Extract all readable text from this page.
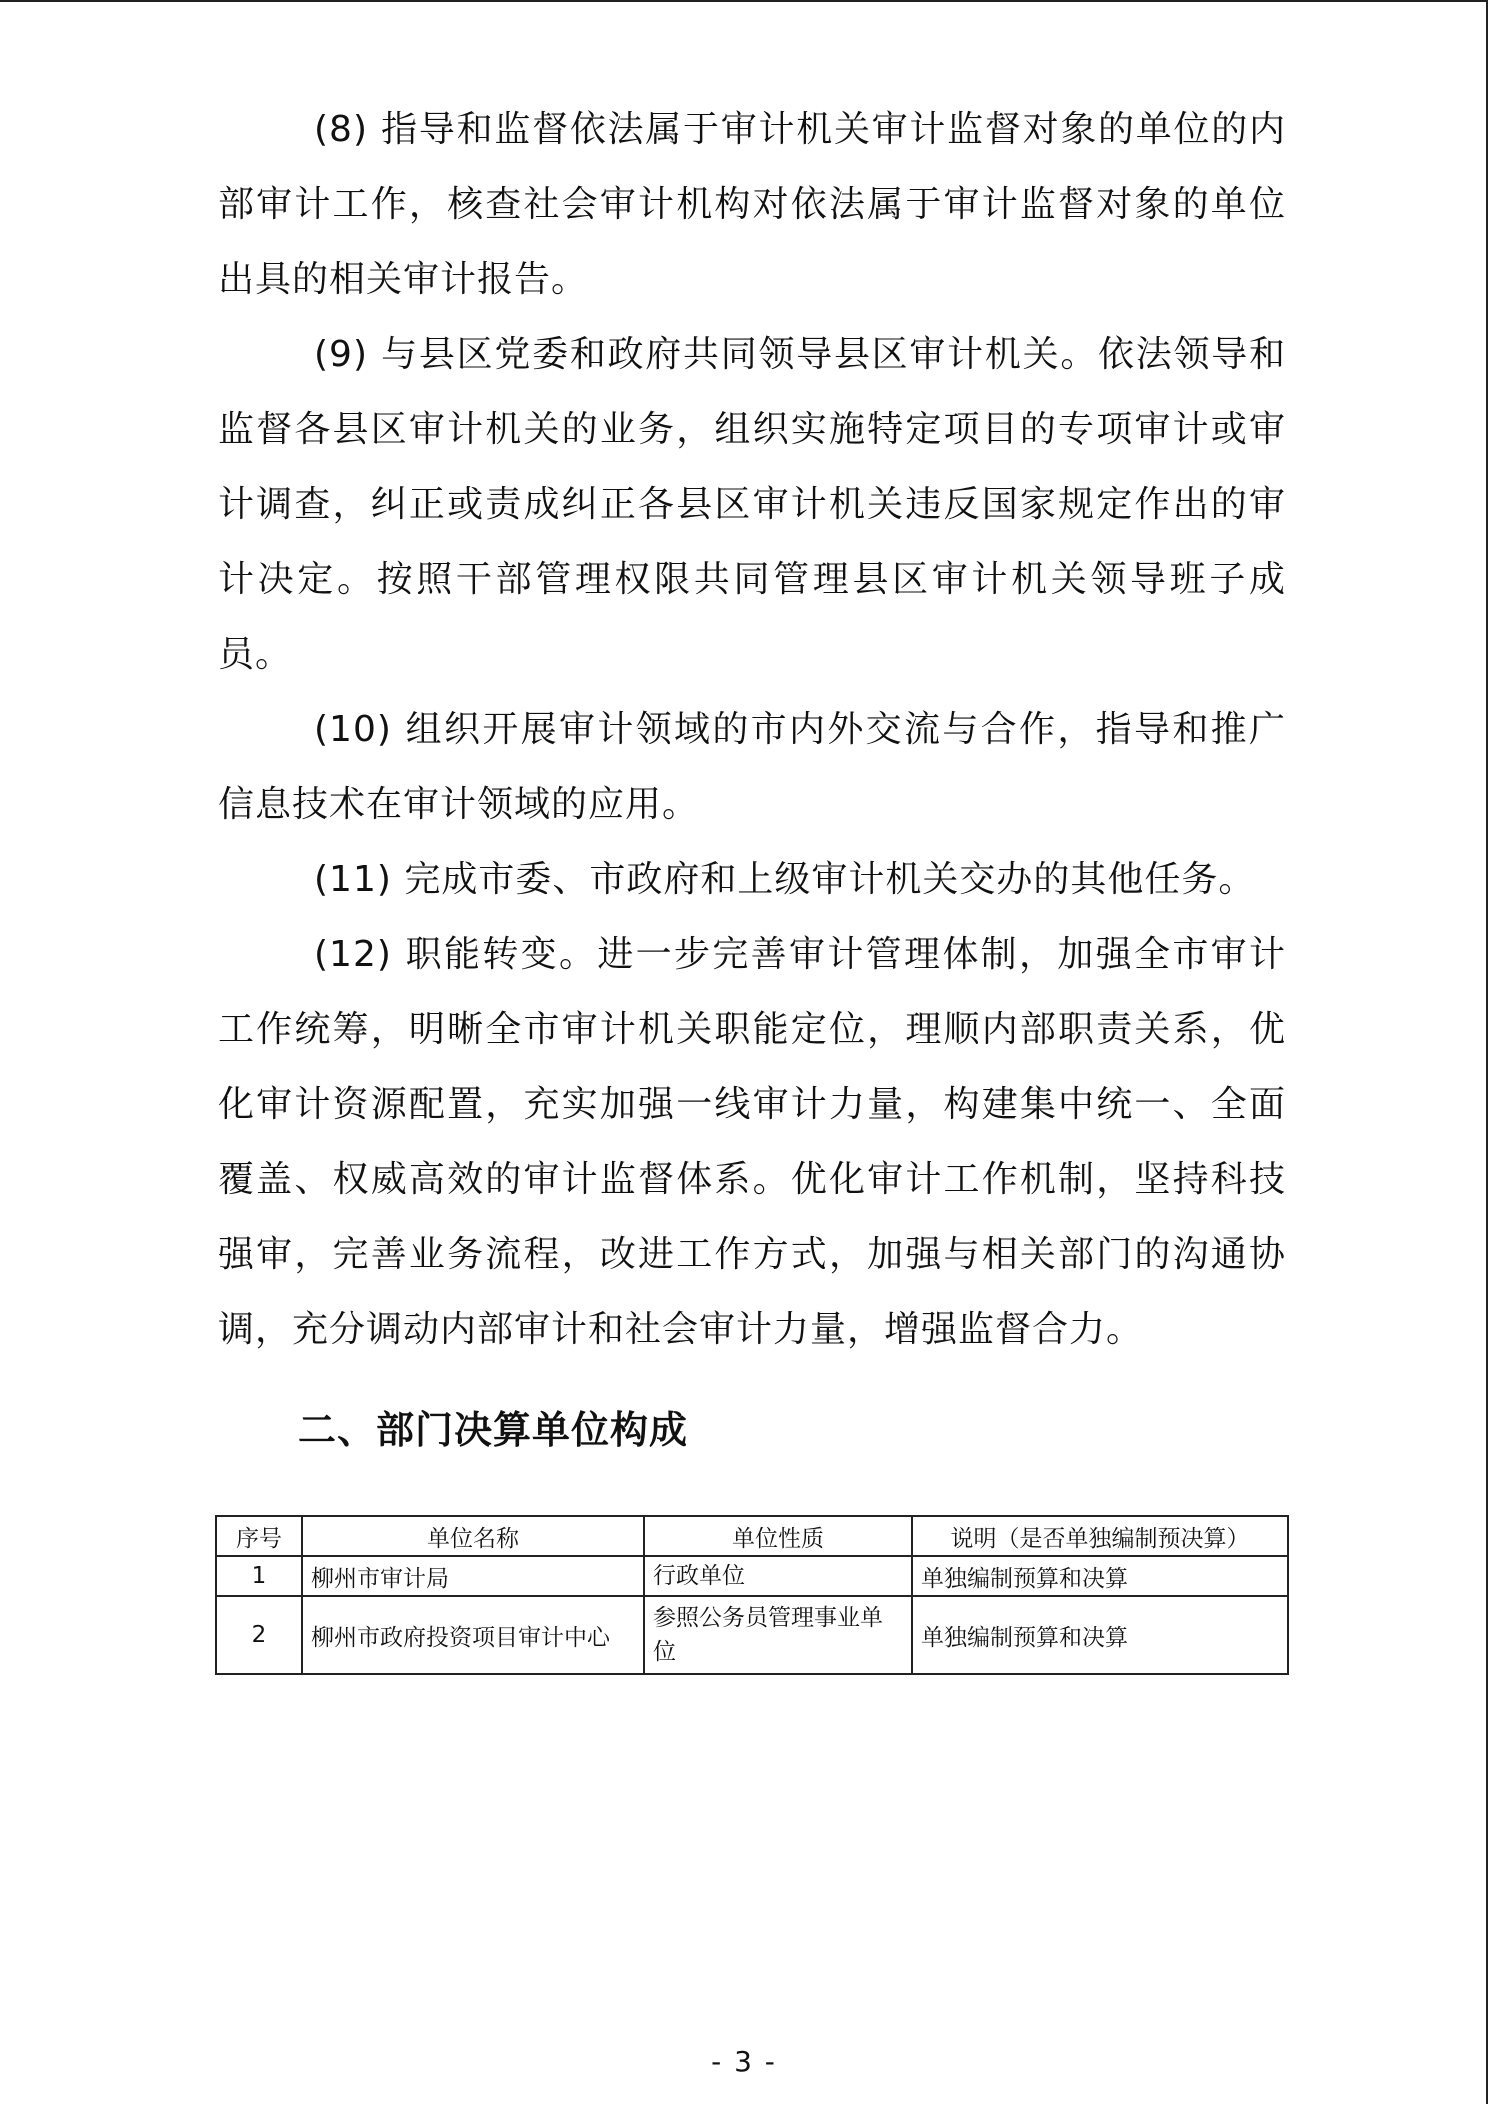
(8) 指导和监督依法属于审计机关审计监督对象的单位的内部审计工作，核查社会审计机构对依法属于审计监督对象的单位出具的相关审计报告。

(9) 与县区党委和政府共同领导县区审计机关。依法领导和监督各县区审计机关的业务，组织实施特定项目的专项审计或审计调查，纠正或责成纠正各县区审计机关违反国家规定作出的审计决定。按照干部管理权限共同管理县区审计机关领导班子成员。

(10) 组织开展审计领域的市内外交流与合作，指导和推广信息技术在审计领域的应用。

(11) 完成市委、市政府和上级审计机关交办的其他任务。

(12) 职能转变。进一步完善审计管理体制，加强全市审计工作统筹，明晰全市审计机关职能定位，理顺内部职责关系，优化审计资源配置，充实加强一线审计力量，构建集中统一、全面覆盖、权威高效的审计监督体系。优化审计工作机制，坚持科技强审，完善业务流程，改进工作方式，加强与相关部门的沟通协调，充分调动内部审计和社会审计力量，增强监督合力。

二、部门决算单位构成
序号	单位名称	单位性质	说明（是否单独编制预决算）
1	柳州市审计局	行政单位	单独编制预算和决算
2	柳州市政府投资项目审计中心	参照公务员管理事业单位	单独编制预算和决算
- 3 -
